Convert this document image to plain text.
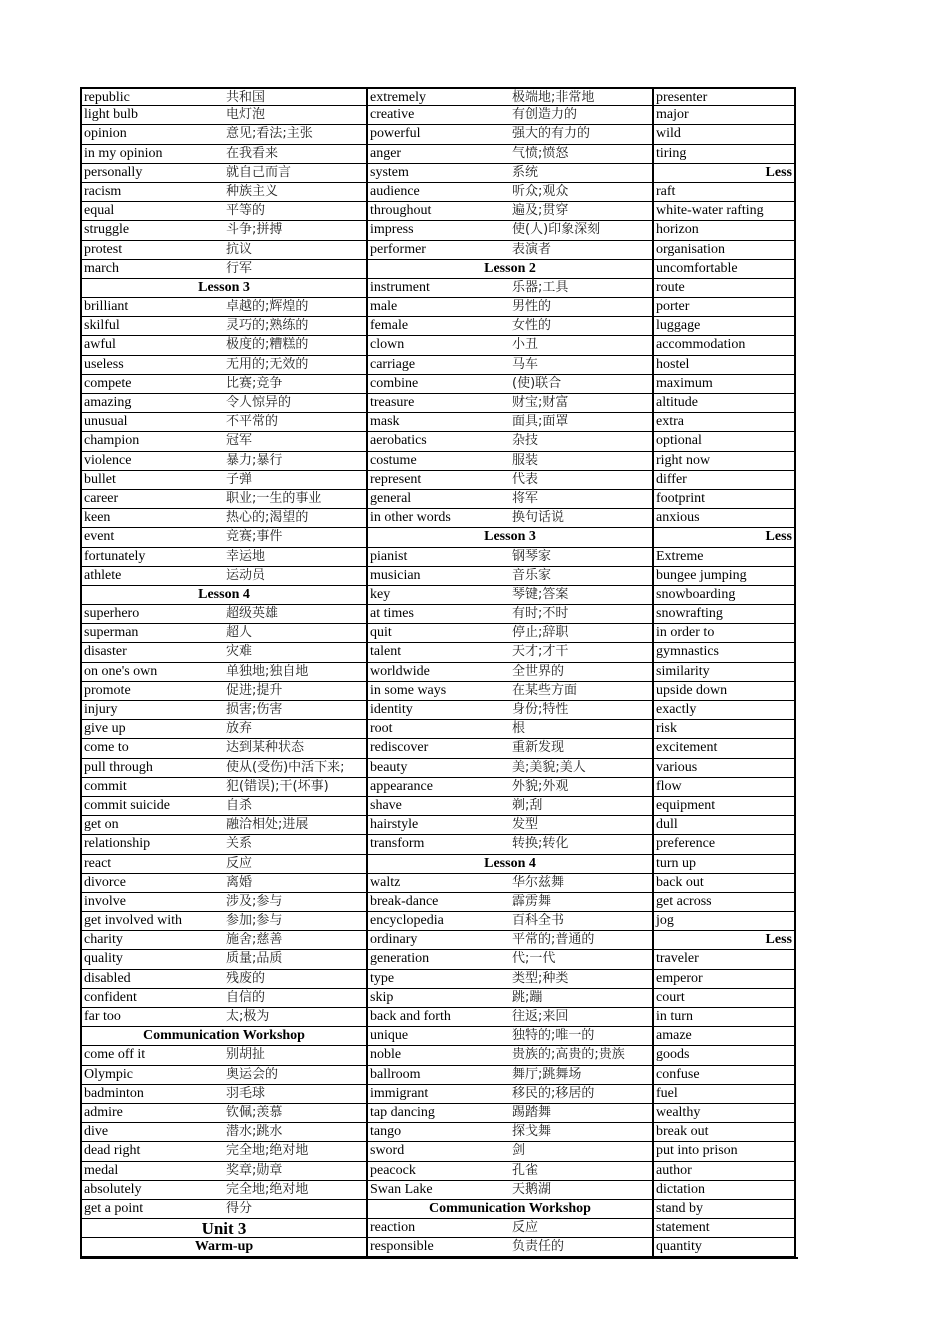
republic	共和国
light bulb	电灯泡
opinion	意见;看法;主张
in my opinion	在我看来
personally	就自己而言
racism	种族主义
equal	平等的
struggle	斗争;拼搏
protest	抗议
march	行军
Lesson 3
brilliant	卓越的;辉煌的
skilful	灵巧的;熟练的
awful	极度的;糟糕的
useless	无用的;无效的
compete	比赛;竞争
amazing	令人惊异的
unusual	不平常的
champion	冠军
violence	暴力;暴行
bullet	子弹
career	职业;一生的事业
keen	热心的;渴望的
event	竞赛;事件
fortunately	幸运地
athlete	运动员
Lesson 4
superhero	超级英雄
superman	超人
disaster	灾难
on one's own	单独地;独自地
promote	促进;提升
injury	损害;伤害
give up	放弃
come to	达到某种状态
pull through	使从(受伤)中活下来;
commit	犯(错误);干(坏事)
commit suicide	自杀
get on	融洽相处;进展
relationship	关系
react	反应
divorce	离婚
involve	涉及;参与
get involved with	参加;参与
charity	施舍;慈善
quality	质量;品质
disabled	残废的
confident	自信的
far too	太;极为
Communication Workshop
come off it	别胡扯
Olympic	奥运会的
badminton	羽毛球
admire	钦佩;羡慕
dive	潜水;跳水
dead right	完全地;绝对地
medal	奖章;勋章
absolutely	完全地;绝对地
get a point	得分
Unit 3
Warm-up
extremely	极端地;非常地
creative	有创造力的
powerful	强大的有力的
anger	气愤;愤怒
system	系统
audience	听众;观众
throughout	遍及;贯穿
impress	使(人)印象深刻
performer	表演者
Lesson 2
instrument	乐器;工具
male	男性的
female	女性的
clown	小丑
carriage	马车
combine	(使)联合
treasure	财宝;财富
mask	面具;面罩
aerobatics	杂技
costume	服装
represent	代表
general	将军
in other words	换句话说
Lesson 3
pianist	钢琴家
musician	音乐家
key	琴键;答案
at times	有时;不时
quit	停止;辞职
talent	天才;才干
worldwide	全世界的
in some ways	在某些方面
identity	身份;特性
root	根
rediscover	重新发现
beauty	美;美貌;美人
appearance	外貌;外观
shave	剃;刮
hairstyle	发型
transform	转换;转化
Lesson 4
waltz	华尔兹舞
break-dance	霹雳舞
encyclopedia	百科全书
ordinary	平常的;普通的
generation	代;一代
type	类型;种类
skip	跳;蹦
back and forth	往返;来回
unique	独特的;唯一的
noble	贵族的;高贵的;贵族
ballroom	舞厅;跳舞场
immigrant	移民的;移居的
tap dancing	踢踏舞
tango	探戈舞
sword	剑
peacock	孔雀
Swan Lake	天鹅湖
Communication Workshop
reaction	反应
responsible	负责任的
presenter
major
wild
tiring
Less
raft
white-water rafting
horizon
organisation
uncomfortable
route
porter
luggage
accommodation
hostel
maximum
altitude
extra
optional
right now
differ
footprint
anxious
Less
Extreme
bungee jumping
snowboarding
snowrafting
in order to
gymnastics
similarity
upside down
exactly
risk
excitement
various
flow
equipment
dull
preference
turn up
back out
get across
jog
Less
traveler
emperor
court
in turn
amaze
goods
confuse
fuel
wealthy
break out
put into prison
author
dictation
stand by
statement
quantity
